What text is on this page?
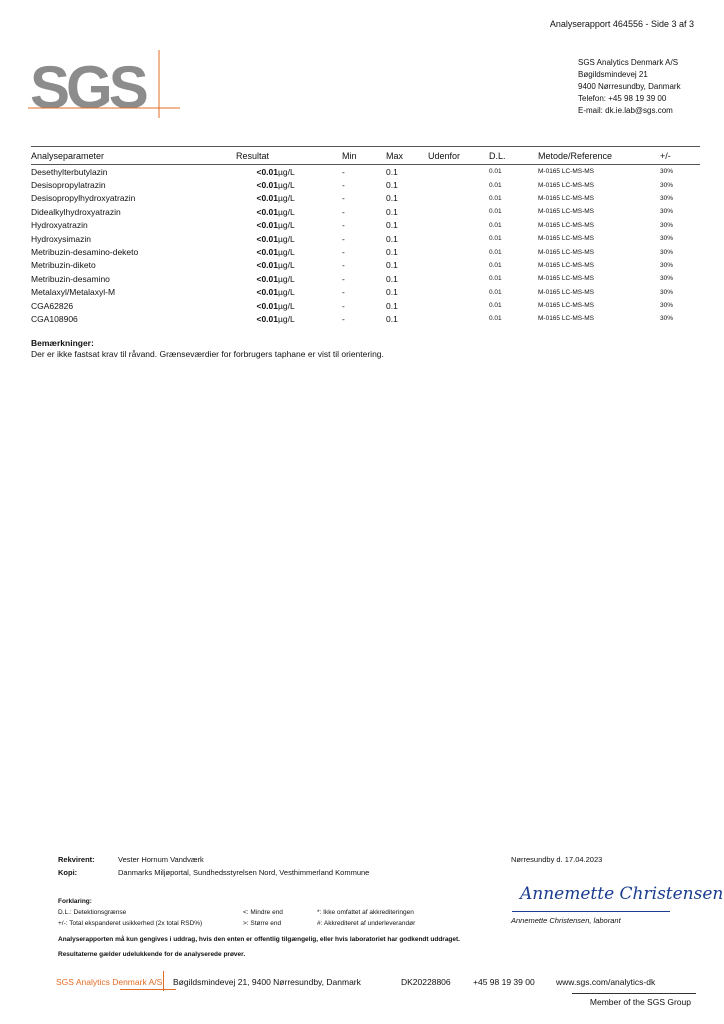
Analyserapport 464556 - Side 3 af 3
SGS	SGS Analytics Denmark A/S
Bøgildsmindevej 21
9400 Nørresundby, Danmark
Telefon: +45 98 19 39 00
E-mail: dk.ie.lab@sgs.com
Analyseparameter	Resultat		Min	Max	Udenfor	D.L.	Metode/Reference	+/-
Desethylterbutylazin	<0.01	µg/L	-	0.1		0.01	M-0165 LC-MS-MS	30%
Desisopropylatrazin	<0.01	µg/L	-	0.1		0.01	M-0165 LC-MS-MS	30%
Desisopropylhydroxyatrazin	<0.01	µg/L	-	0.1		0.01	M-0165 LC-MS-MS	30%
Didealkylhydroxyatrazin	<0.01	µg/L	-	0.1		0.01	M-0165 LC-MS-MS	30%
Hydroxyatrazin	<0.01	µg/L	-	0.1		0.01	M-0165 LC-MS-MS	30%
Hydroxysimazin	<0.01	µg/L	-	0.1		0.01	M-0165 LC-MS-MS	30%
Metribuzin-desamino-deketo	<0.01	µg/L	-	0.1		0.01	M-0165 LC-MS-MS	30%
Metribuzin-diketo	<0.01	µg/L	-	0.1		0.01	M-0165 LC-MS-MS	30%
Metribuzin-desamino	<0.01	µg/L	-	0.1		0.01	M-0165 LC-MS-MS	30%
Metalaxyl/Metalaxyl-M	<0.01	µg/L	-	0.1		0.01	M-0165 LC-MS-MS	30%
CGA62826	<0.01	µg/L	-	0.1		0.01	M-0165 LC-MS-MS	30%
CGA108906	<0.01	µg/L	-	0.1		0.01	M-0165 LC-MS-MS	30%
Bemærkninger:
Der er ikke fastsat krav til råvand. Grænseværdier for forbrugers taphane er vist til orientering.
Rekvirent:	Vester Hornum Vandværk
Kopi:	Danmarks Miljøportal, Sundhedsstyrelsen Nord, Vesthimmerland Kommune
Nørresundby d. 17.04.2023
Forklaring:
D.L.: Detektionsgrænse	<: Mindre end	*: Ikke omfattet af akkrediteringen
+/-: Total ekspanderet usikkerhed (2x total RSD%)	>: Større end	#: Akkrediteret af underleverandør
Analyserapporten må kun gengives i uddrag, hvis den enten er offentlig tilgængelig, eller hvis laboratoriet har godkendt uddraget.
Resultaterne gælder udelukkende for de analyserede prøver.
Annemette Christensen
Annemette Christensen, laborant
SGS Analytics Denmark A/S Bøgildsmindevej 21, 9400 Nørresundby, Danmark	DK20228806	+45 98 19 39 00	www.sgs.com/analytics-dk
Member of the SGS Group
